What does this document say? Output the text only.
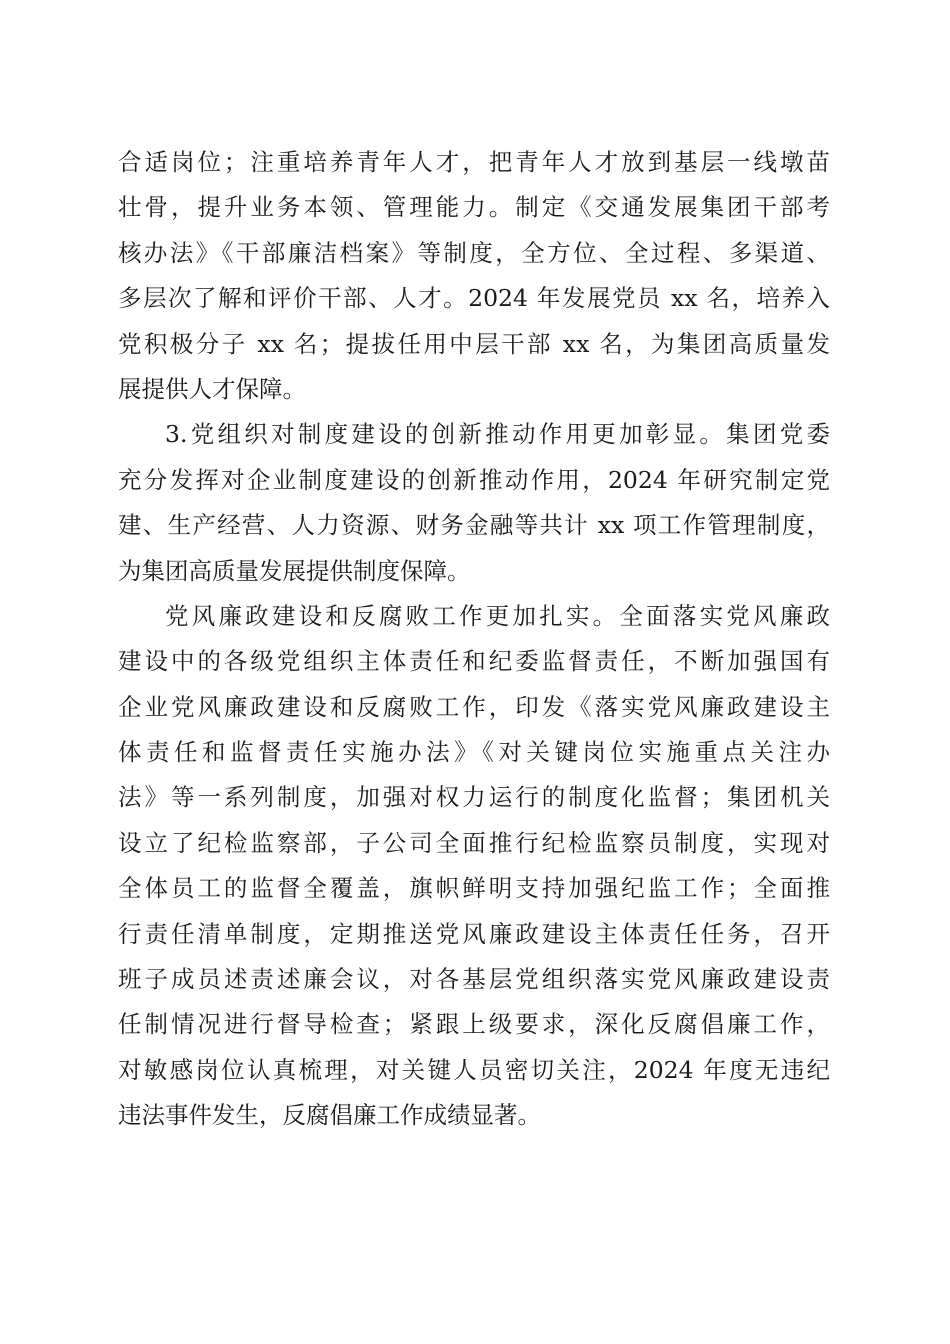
合适岗位；注重培养青年人才，把青年人才放到基层一线墩苗
壮骨，提升业务本领、管理能力。制定《交通发展集团干部考
核办法》《干部廉洁档案》等制度，全方位、全过程、多渠道、
多层次了解和评价干部、人才。2024 年发展党员 xx 名，培养入
党积极分子 xx 名；提拔任用中层干部 xx 名，为集团高质量发
展提供人才保障。
3.党组织对制度建设的创新推动作用更加彰显。集团党委
充分发挥对企业制度建设的创新推动作用，2024 年研究制定党
建、生产经营、人力资源、财务金融等共计 xx 项工作管理制度，
为集团高质量发展提供制度保障。
党风廉政建设和反腐败工作更加扎实。全面落实党风廉政
建设中的各级党组织主体责任和纪委监督责任，不断加强国有
企业党风廉政建设和反腐败工作，印发《落实党风廉政建设主
体责任和监督责任实施办法》《对关键岗位实施重点关注办
法》等一系列制度，加强对权力运行的制度化监督；集团机关
设立了纪检监察部，子公司全面推行纪检监察员制度，实现对
全体员工的监督全覆盖，旗帜鲜明支持加强纪监工作；全面推
行责任清单制度，定期推送党风廉政建设主体责任任务，召开
班子成员述责述廉会议，对各基层党组织落实党风廉政建设责
任制情况进行督导检查；紧跟上级要求，深化反腐倡廉工作，
对敏感岗位认真梳理，对关键人员密切关注，2024 年度无违纪
违法事件发生，反腐倡廉工作成绩显著。
